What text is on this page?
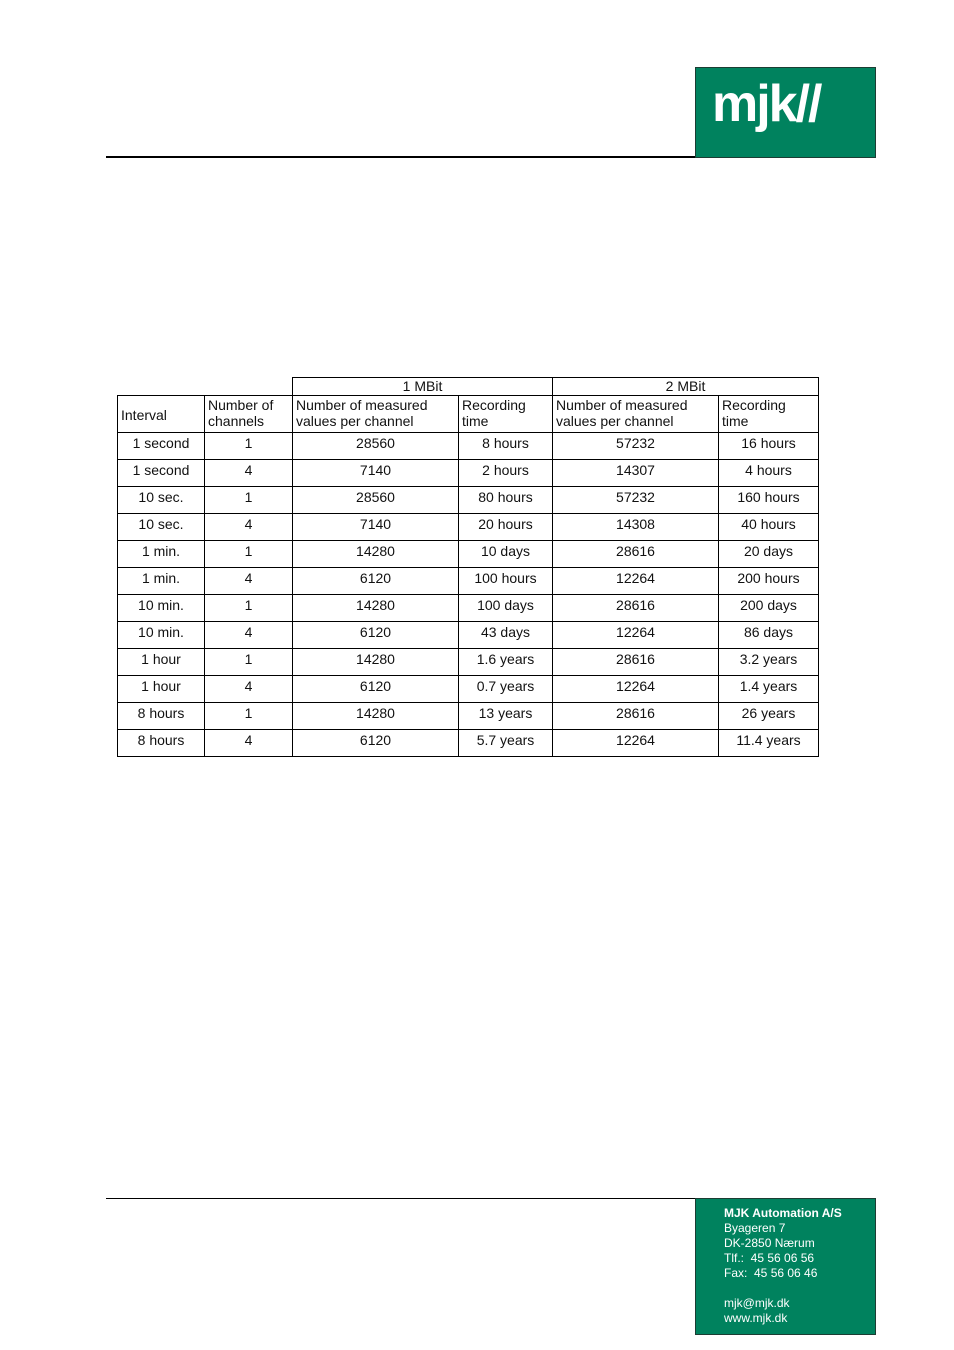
mjk//
		1 MBit		2 MBit	
Interval	Number of channels	Number of measured values per channel	Recording time	Number of measured values per channel	Recording time
1 second	1	28560	8 hours	57232	16 hours
1 second	4	7140	2 hours	14307	4 hours
10 sec.	1	28560	80 hours	57232	160 hours
10 sec.	4	7140	20 hours	14308	40 hours
1 min.	1	14280	10 days	28616	20 days
1 min.	4	6120	100 hours	12264	200 hours
10 min.	1	14280	100 days	28616	200 days
10 min.	4	6120	43 days	12264	86 days
1 hour	1	14280	1.6 years	28616	3.2 years
1 hour	4	6120	0.7 years	12264	1.4 years
8 hours	1	14280	13 years	28616	26 years
8 hours	4	6120	5.7 years	12264	11.4 years
MJK Automation A/S
Byageren 7
DK-2850 Nærum
Tlf.:  45 56 06 56
Fax:  45 56 06 46
mjk@mjk.dk
www.mjk.dk
